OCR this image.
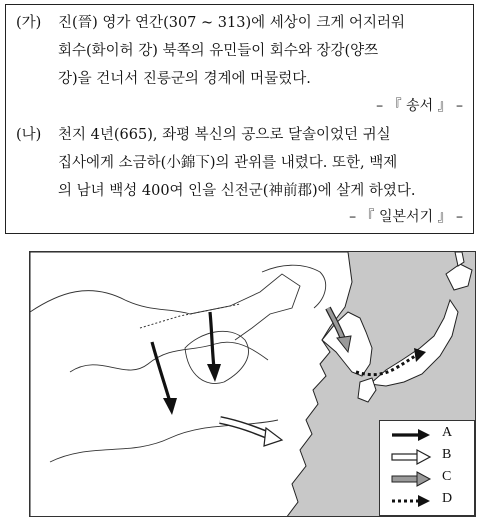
(가) 진(晉) 영가 연간(307 ~ 313)에 세상이 크게 어지러워
회수(화이허 강) 북쪽의 유민들이 회수와 장강(양쯔
강)을 건너서 진릉군의 경계에 머물렀다.
– 『 송서 』 –
(나) 천지 4년(665), 좌평 복신의 공으로 달솔이었던 귀실
집사에게 소금하(小錦下)의 관위를 내렸다. 또한, 백제
의 남녀 백성 400여 인을 신전군(神前郡)에 살게 하였다.
– 『 일본서기 』 –
A
B
C
D
